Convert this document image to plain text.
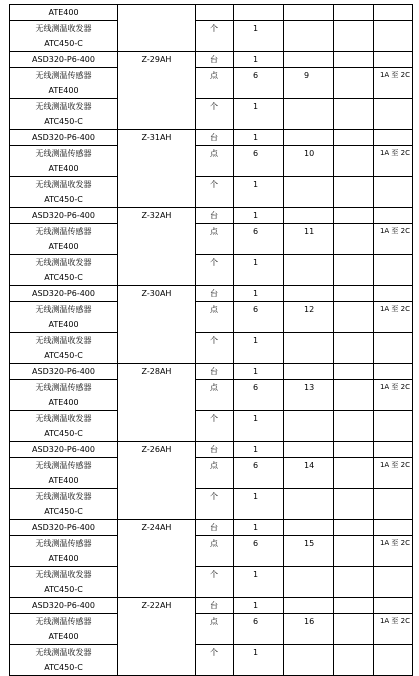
ATE400						

无线测温收发器
ATC450-C		个	1			

ASD320-P6-400	Z-29AH	台	1			

无线测温传感器
ATE400		点	6	9		1A 至 2C

无线测温收发器
ATC450-C		个	1			

ASD320-P6-400	Z-31AH	台	1			

无线测温传感器
ATE400		点	6	10		1A 至 2C

无线测温收发器
ATC450-C		个	1			

ASD320-P6-400	Z-32AH	台	1			

无线测温传感器
ATE400		点	6	11		1A 至 2C

无线测温收发器
ATC450-C		个	1			

ASD320-P6-400	Z-30AH	台	1			

无线测温传感器
ATE400		点	6	12		1A 至 2C

无线测温收发器
ATC450-C		个	1			

ASD320-P6-400	Z-28AH	台	1			

无线测温传感器
ATE400		点	6	13		1A 至 2C

无线测温收发器
ATC450-C		个	1			

ASD320-P6-400	Z-26AH	台	1			

无线测温传感器
ATE400		点	6	14		1A 至 2C

无线测温收发器
ATC450-C		个	1			

ASD320-P6-400	Z-24AH	台	1			

无线测温传感器
ATE400		点	6	15		1A 至 2C

无线测温收发器
ATC450-C		个	1			

ASD320-P6-400	Z-22AH	台	1			

无线测温传感器
ATE400		点	6	16		1A 至 2C

无线测温收发器
ATC450-C		个	1			
